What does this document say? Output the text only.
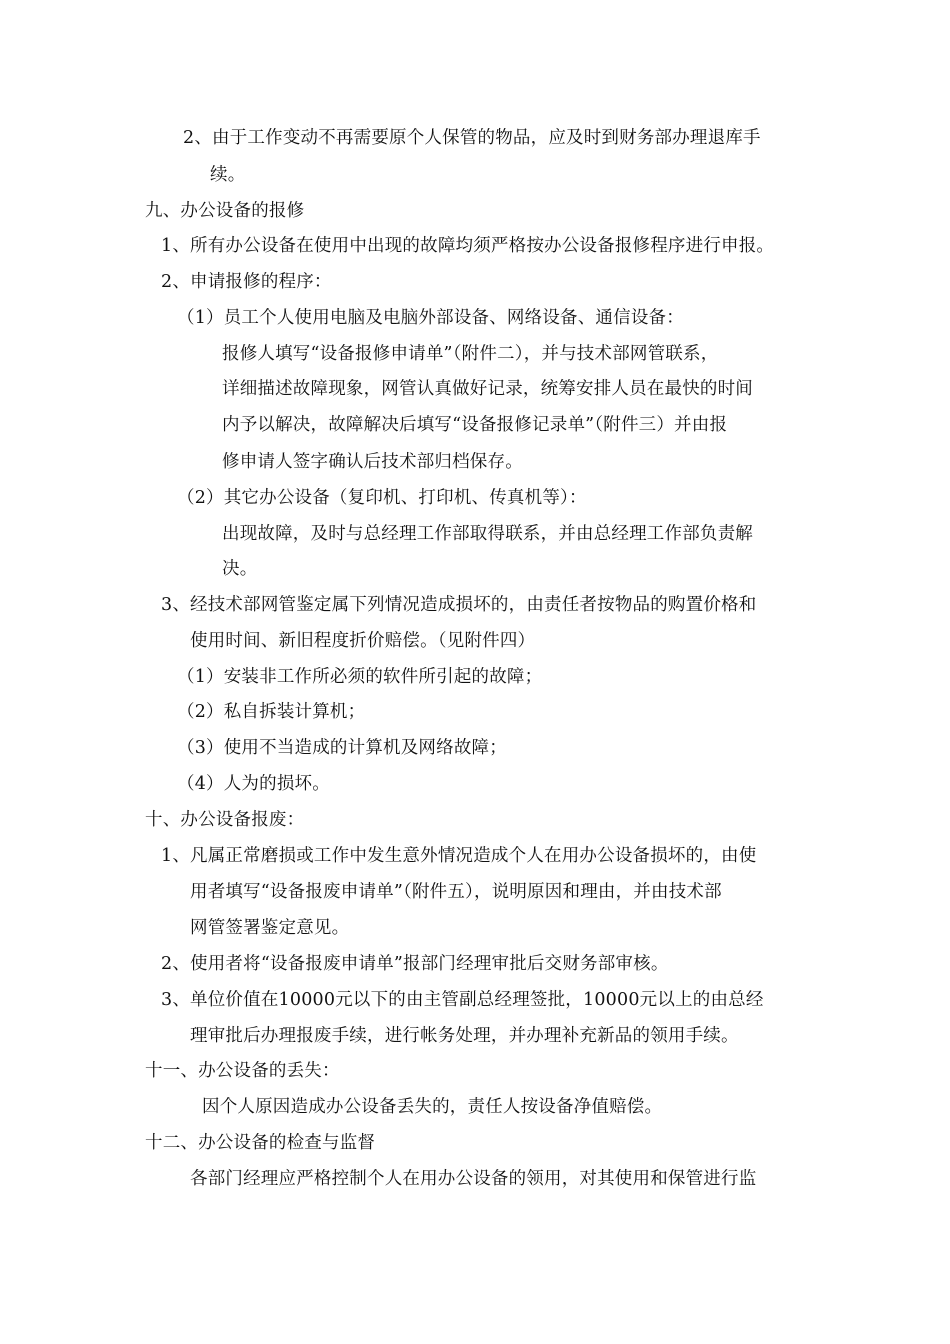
2、由于工作变动不再需要原个人保管的物品，应及时到财务部办理退库手
续。
九、办公设备的报修
1、所有办公设备在使用中出现的故障均须严格按办公设备报修程序进行申报。
2、申请报修的程序：
（1）员工个人使用电脑及电脑外部设备、网络设备、通信设备：
报修人填写“设备报修申请单”（附件二），并与技术部网管联系，
详细描述故障现象，网管认真做好记录，统筹安排人员在最快的时间
内予以解决，故障解决后填写“设备报修记录单”（附件三）并由报
修申请人签字确认后技术部归档保存。
（2）其它办公设备（复印机、打印机、传真机等）：
出现故障，及时与总经理工作部取得联系，并由总经理工作部负责解
决。
3、经技术部网管鉴定属下列情况造成损坏的，由责任者按物品的购置价格和
使用时间、新旧程度折价赔偿。（见附件四）
（1）安装非工作所必须的软件所引起的故障；
（2）私自拆装计算机；
（3）使用不当造成的计算机及网络故障；
（4）人为的损坏。
十、办公设备报废：
1、凡属正常磨损或工作中发生意外情况造成个人在用办公设备损坏的，由使
用者填写“设备报废申请单”（附件五），说明原因和理由，并由技术部
网管签署鉴定意见。
2、使用者将“设备报废申请单”报部门经理审批后交财务部审核。
3、单位价值在10000元以下的由主管副总经理签批，10000元以上的由总经
理审批后办理报废手续，进行帐务处理，并办理补充新品的领用手续。
十一、办公设备的丢失：
因个人原因造成办公设备丢失的，责任人按设备净值赔偿。
十二、办公设备的检查与监督
各部门经理应严格控制个人在用办公设备的领用，对其使用和保管进行监
